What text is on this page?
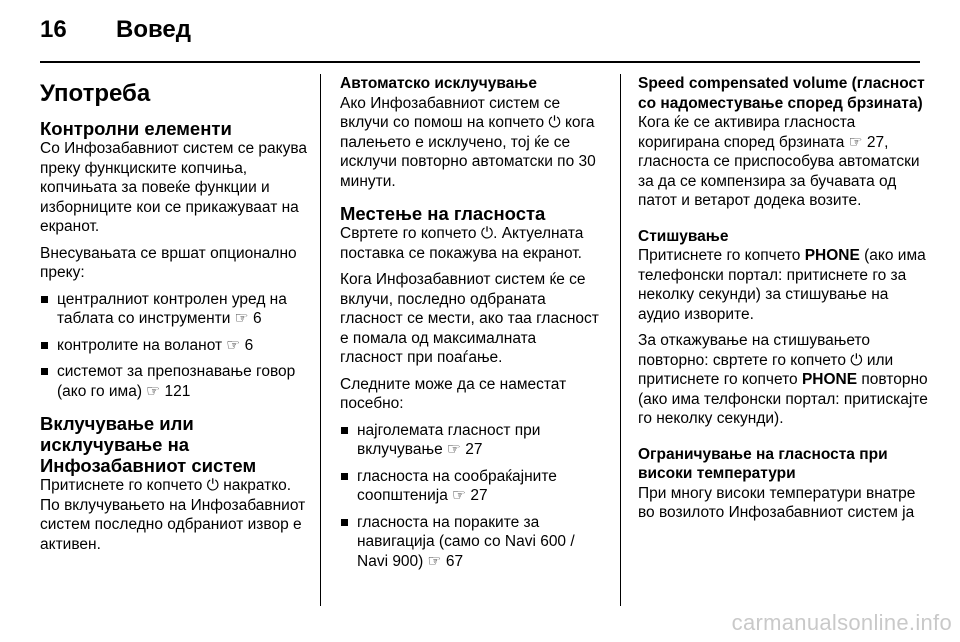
16 Вовед
Употреба
Контролни елементи

Со Инфозабавниот систем се ракува преку функциските копчиња, копчињата за повеќе функции и изборниците кои се прикажуваат на екранот.

Внесувањата се вршат опционално преку:

централниот контролен уред на таблата со инструменти ☞ 6
контролите на воланот ☞ 6
системот за препознавање говор (ако го има) ☞ 121
Вклучување или исклучување на Инфозабавниот систем

Притиснете го копчето ⏻ накратко. По вклучувањето на Инфозабавниот систем последно одбраниот извор е активен.

Автоматско исклучување

Ако Инфозабавниот систем се вклучи со помош на копчето ⏻ кога палењето е исклучено, тој ќе се исклучи повторно автоматски по 30 минути.

Местење на гласноста

Свртете го копчето ⏻. Актуелната поставка се покажува на екранот.

Кога Инфозабавниот систем ќе се вклучи, последно одбраната гласност се мести, ако таа гласност е помала од максималната гласност при поаѓање.

Следните може да се наместат посебно:

најголемата гласност при вклучување ☞ 27
гласноста на сообраќајните соопштенија ☞ 27
гласноста на пораките за навигација (само со Navi 600 / Navi 900) ☞ 67
Speed compensated volume (гласност со надоместување според брзината)

Кога ќе се активира гласноста коригирана според брзината ☞ 27, гласноста се приспособува автоматски за да се компензира за бучавата од патот и ветарот додека возите.

Стишување

Притиснете го копчето PHONE (ако има телефонски портал: притиснете го за неколку секунди) за стишување на аудио изворите.

За откажување на стишувањето повторно: свртете го копчето ⏻ или притиснете го копчето PHONE повторно (ако има телфонски портал: притискајте го неколку секунди).

Ограничување на гласноста при високи температури

При многу високи температури внатре во возилото Инфозабавниот систем ја

carmanualsonline.info
